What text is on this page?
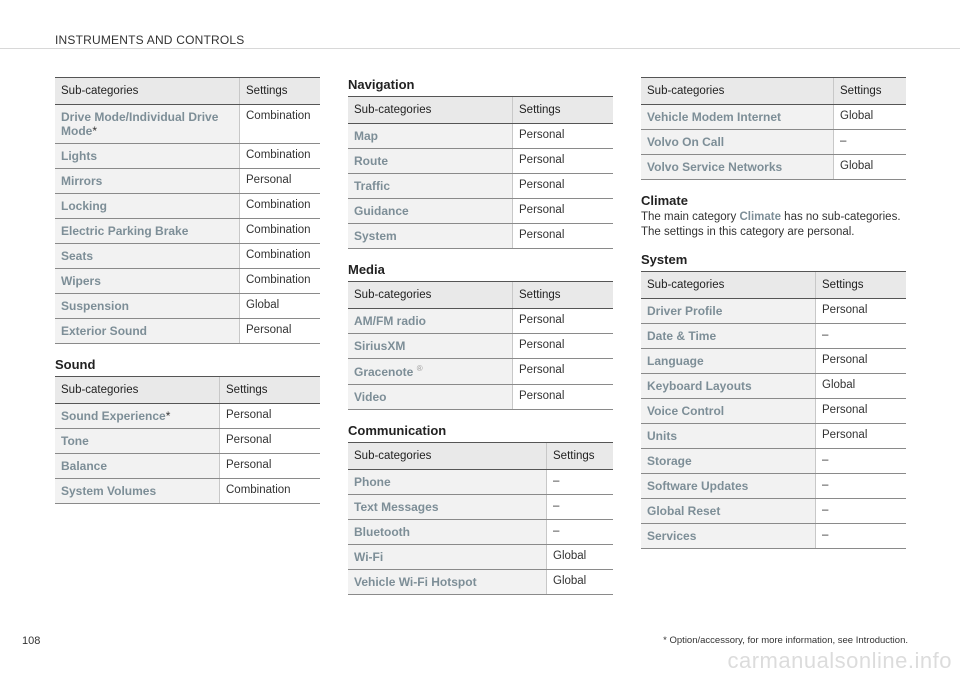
INSTRUMENTS AND CONTROLS
Sub-categories	Settings
Drive Mode/Individual Drive Mode*	Combination
Lights	Combination
Mirrors	Personal
Locking	Combination
Electric Parking Brake	Combination
Seats	Combination
Wipers	Combination
Suspension	Global
Exterior Sound	Personal
Sound
Sub-categories	Settings
Sound Experience*	Personal
Tone	Personal
Balance	Personal
System Volumes	Combination
Navigation
Sub-categories	Settings
Map	Personal
Route	Personal
Traffic	Personal
Guidance	Personal
System	Personal
Media
Sub-categories	Settings
AM/FM radio	Personal
SiriusXM	Personal
Gracenote ®	Personal
Video	Personal
Communication
Sub-categories	Settings
Phone	–
Text Messages	–
Bluetooth	–
Wi-Fi	Global
Vehicle Wi-Fi Hotspot	Global
Sub-categories	Settings
Vehicle Modem Internet	Global
Volvo On Call	–
Volvo Service Networks	Global
Climate

The main category Climate has no sub-categories. The settings in this category are personal.

System
Sub-categories	Settings
Driver Profile	Personal
Date & Time	–
Language	Personal
Keyboard Layouts	Global
Voice Control	Personal
Units	Personal
Storage	–
Software Updates	–
Global Reset	–
Services	–
108	* Option/accessory, for more information, see Introduction.
carmanualsonline.info
